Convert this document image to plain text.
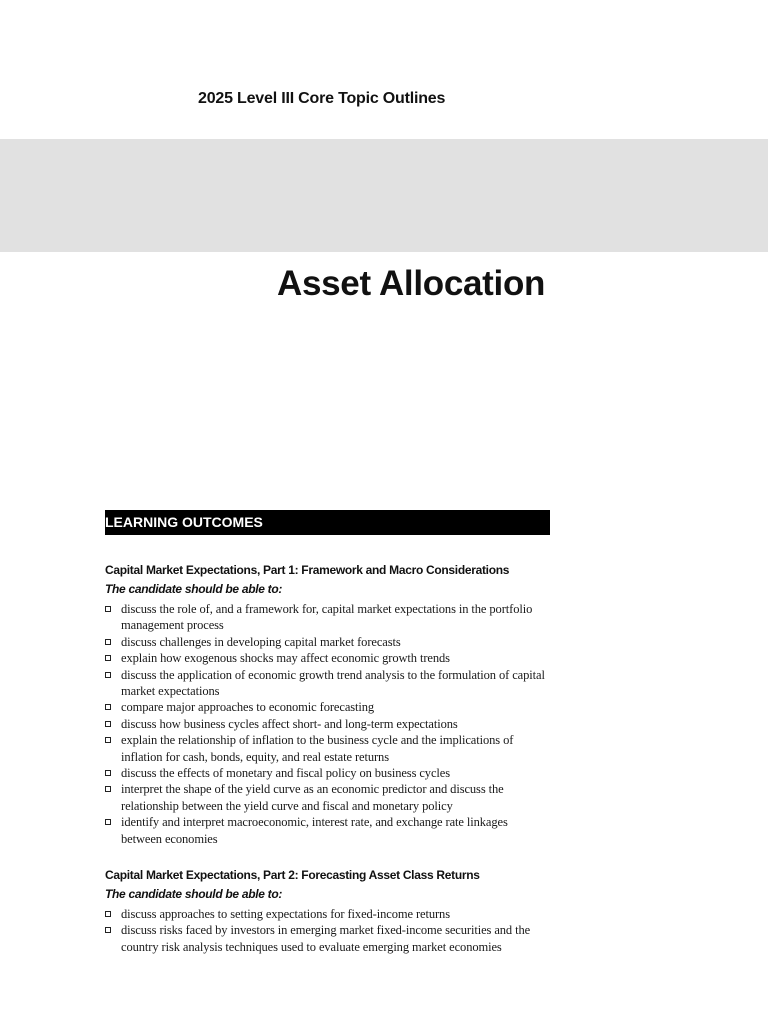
2025 Level III Core Topic Outlines
Asset Allocation
LEARNING OUTCOMES
Capital Market Expectations, Part 1: Framework and Macro Considerations
The candidate should be able to:
discuss the role of, and a framework for, capital market expectations in the portfolio management process
discuss challenges in developing capital market forecasts
explain how exogenous shocks may affect economic growth trends
discuss the application of economic growth trend analysis to the formulation of capital market expectations
compare major approaches to economic forecasting
discuss how business cycles affect short- and long-term expectations
explain the relationship of inflation to the business cycle and the implications of inflation for cash, bonds, equity, and real estate returns
discuss the effects of monetary and fiscal policy on business cycles
interpret the shape of the yield curve as an economic predictor and discuss the relationship between the yield curve and fiscal and monetary policy
identify and interpret macroeconomic, interest rate, and exchange rate linkages between economies
Capital Market Expectations, Part 2: Forecasting Asset Class Returns
The candidate should be able to:
discuss approaches to setting expectations for fixed-income returns
discuss risks faced by investors in emerging market fixed-income securities and the country risk analysis techniques used to evaluate emerging market economies
